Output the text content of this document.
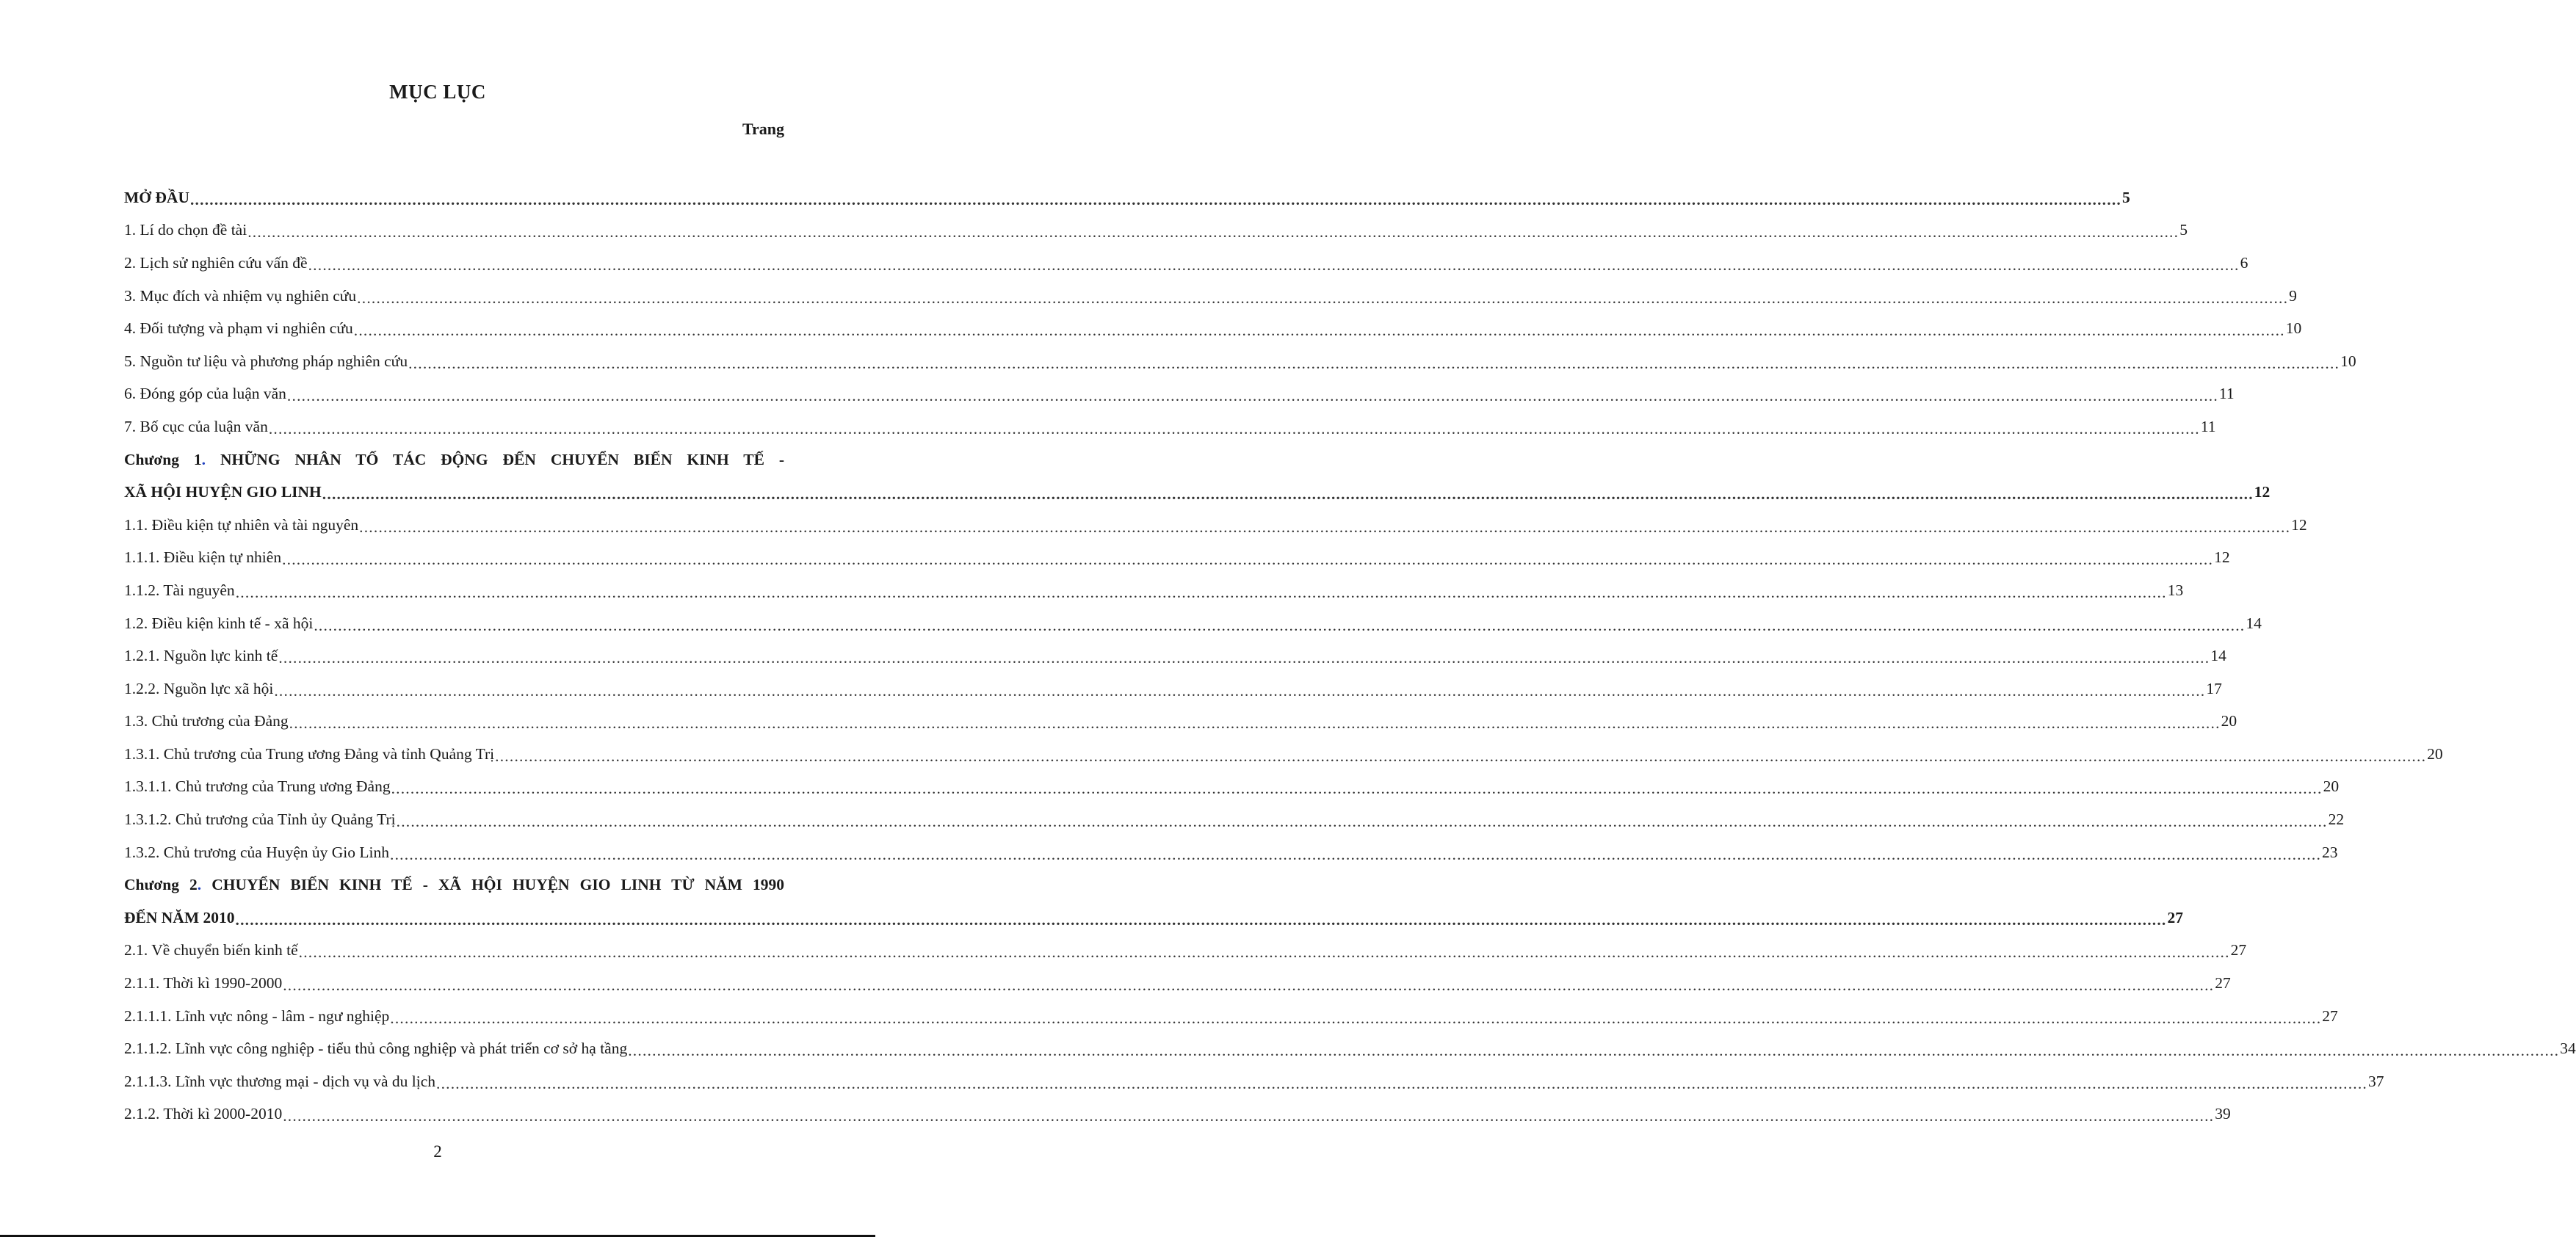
MỤC LỤC
Trang
MỞ ĐẦU ................................................................................................................................................................................................................................................................................................................................................................................................................ 5
1. Lí do chọn đề tài ................................................................................................................................................................................................................................................................................................................................................................................................................ 5
2. Lịch sử nghiên cứu vấn đề ................................................................................................................................................................................................................................................................................................................................................................................................................ 6
3. Mục đích và nhiệm vụ nghiên cứu ................................................................................................................................................................................................................................................................................................................................................................................................................ 9
4. Đối tượng và phạm vi nghiên cứu ................................................................................................................................................................................................................................................................................................................................................................................................................ 10
5. Nguồn tư liệu và phương pháp nghiên cứu ................................................................................................................................................................................................................................................................................................................................................................................................................ 10
6. Đóng góp của luận văn ................................................................................................................................................................................................................................................................................................................................................................................................................ 11
7. Bố cục của luận văn ................................................................................................................................................................................................................................................................................................................................................................................................................ 11
Chương 1. NHỮNG NHÂN TỐ TÁC ĐỘNG ĐẾN CHUYỂN BIẾN KINH TẾ -
XÃ HỘI HUYỆN GIO LINH ................................................................................................................................................................................................................................................................................................................................................................................................................ 12
1.1. Điều kiện tự nhiên và tài nguyên ................................................................................................................................................................................................................................................................................................................................................................................................................ 12
1.1.1. Điều kiện tự nhiên ................................................................................................................................................................................................................................................................................................................................................................................................................ 12
1.1.2. Tài nguyên ................................................................................................................................................................................................................................................................................................................................................................................................................ 13
1.2. Điều kiện kinh tế - xã hội ................................................................................................................................................................................................................................................................................................................................................................................................................ 14
1.2.1. Nguồn lực kinh tế ................................................................................................................................................................................................................................................................................................................................................................................................................ 14
1.2.2. Nguồn lực xã hội ................................................................................................................................................................................................................................................................................................................................................................................................................ 17
1.3. Chủ trương của Đảng ................................................................................................................................................................................................................................................................................................................................................................................................................ 20
1.3.1. Chủ trương của Trung ương Đảng và tỉnh Quảng Trị ................................................................................................................................................................................................................................................................................................................................................................................................................ 20
1.3.1.1. Chủ trương của Trung ương Đảng ................................................................................................................................................................................................................................................................................................................................................................................................................ 20
1.3.1.2. Chủ trương của Tỉnh ủy Quảng Trị ................................................................................................................................................................................................................................................................................................................................................................................................................ 22
1.3.2. Chủ trương của Huyện ủy Gio Linh ................................................................................................................................................................................................................................................................................................................................................................................................................ 23
Chương 2. CHUYỂN BIẾN KINH TẾ - XÃ HỘI HUYỆN GIO LINH TỪ NĂM 1990
ĐẾN NĂM 2010 ................................................................................................................................................................................................................................................................................................................................................................................................................ 27
2.1. Về chuyển biến kinh tế ................................................................................................................................................................................................................................................................................................................................................................................................................ 27
2.1.1. Thời kì 1990-2000 ................................................................................................................................................................................................................................................................................................................................................................................................................ 27
2.1.1.1. Lĩnh vực nông - lâm - ngư nghiệp ................................................................................................................................................................................................................................................................................................................................................................................................................ 27
2.1.1.2. Lĩnh vực công nghiệp - tiểu thủ công nghiệp và phát triển cơ sở hạ tầng ................................................................................................................................................................................................................................................................................................................................................................................................................ 34
2.1.1.3. Lĩnh vực thương mại - dịch vụ và du lịch ................................................................................................................................................................................................................................................................................................................................................................................................................ 37
2.1.2. Thời kì 2000-2010 ................................................................................................................................................................................................................................................................................................................................................................................................................ 39
2
